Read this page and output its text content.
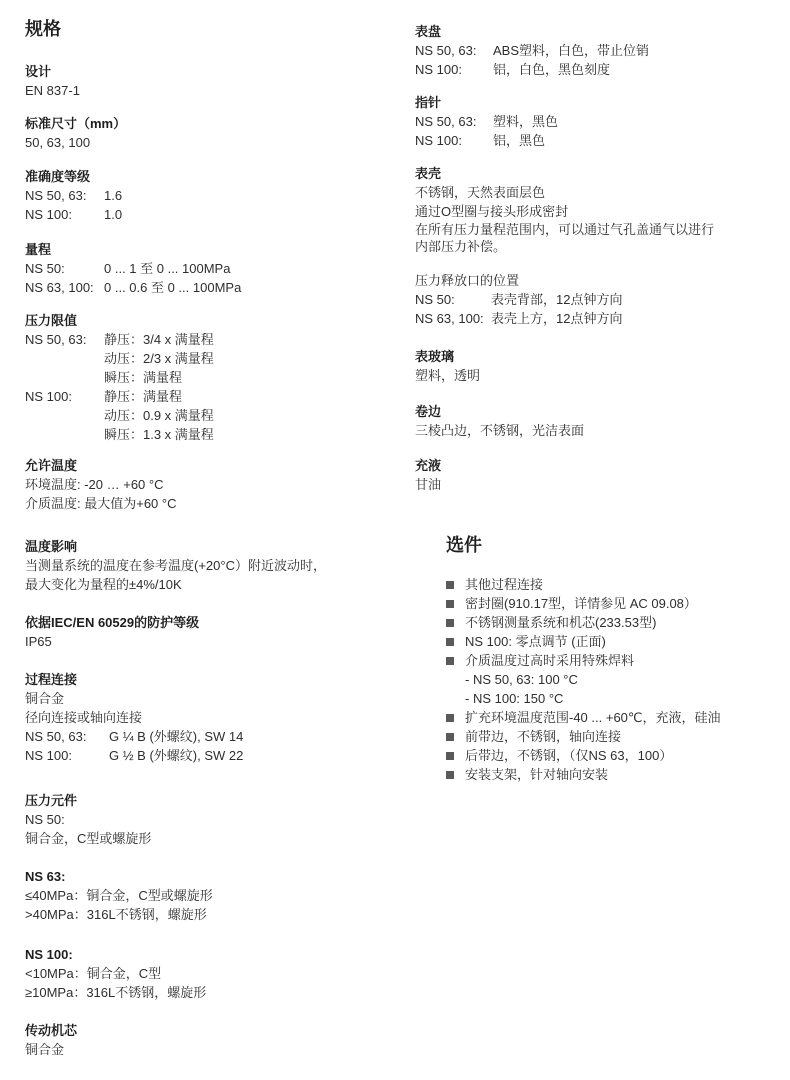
规格
设计
EN 837-1
标准尺寸（mm）
50, 63, 100
准确度等级
NS 50, 63:	1.6
NS 100:	1.0
量程
NS 50:	0 ... 1 至 0 ... 100MPa
NS 63, 100: 0 ... 0.6 至 0 ... 100MPa
压力限值
NS 50, 63:	静压：3/4 x 满量程
动压：2/3 x 满量程
瞬压：满量程
NS 100:	静压：满量程
动压：0.9 x 满量程
瞬压：1.3 x 满量程
允许温度
环境温度: -20 … +60 °C
介质温度: 最大值为+60 °C
温度影响
当测量系统的温度在参考温度(+20°C）附近波动时，
最大变化为量程的±4%/10K
依据IEC/EN 60529的防护等级
IP65
过程连接
铜合金
径向连接或轴向连接
NS 50, 63:	G ¼ B (外螺纹), SW 14
NS 100:	G ½ B (外螺纹), SW 22
压力元件
NS 50:
铜合金，C型或螺旋形
NS 63:
≤40MPa：铜合金，C型或螺旋形
>40MPa：316L不锈钢，螺旋形
NS 100:
<10MPa：铜合金，C型
≥10MPa：316L不锈钢，螺旋形
传动机芯
铜合金
表盘
NS 50, 63:	ABS塑料，白色，带止位销
NS 100:	铝，白色，黑色刻度
指针
NS 50, 63:	塑料，黑色
NS 100:	铝，黑色
表壳
不锈钢，天然表面层色
通过O型圈与接头形成密封
在所有压力量程范围内，可以通过气孔盖通气以进行
内部压力补偿。
压力释放口的位置
NS 50:	表壳背部，12点钟方向
NS 63, 100: 表壳上方，12点钟方向
表玻璃
塑料，透明
卷边
三棱凸边，不锈钢，光洁表面
充液
甘油
选件
其他过程连接
密封圈(910.17型，详情参见 AC 09.08）
不锈钢测量系统和机芯(233.53型)
NS 100: 零点调节 (正面)
介质温度过高时采用特殊焊料
- NS 50, 63: 100 °C
- NS 100: 150 °C
扩充环境温度范围-40 ... +60℃，充液，硅油
前带边，不锈钢，轴向连接
后带边，不锈钢，（仅NS 63，100）
安装支架，针对轴向安装
